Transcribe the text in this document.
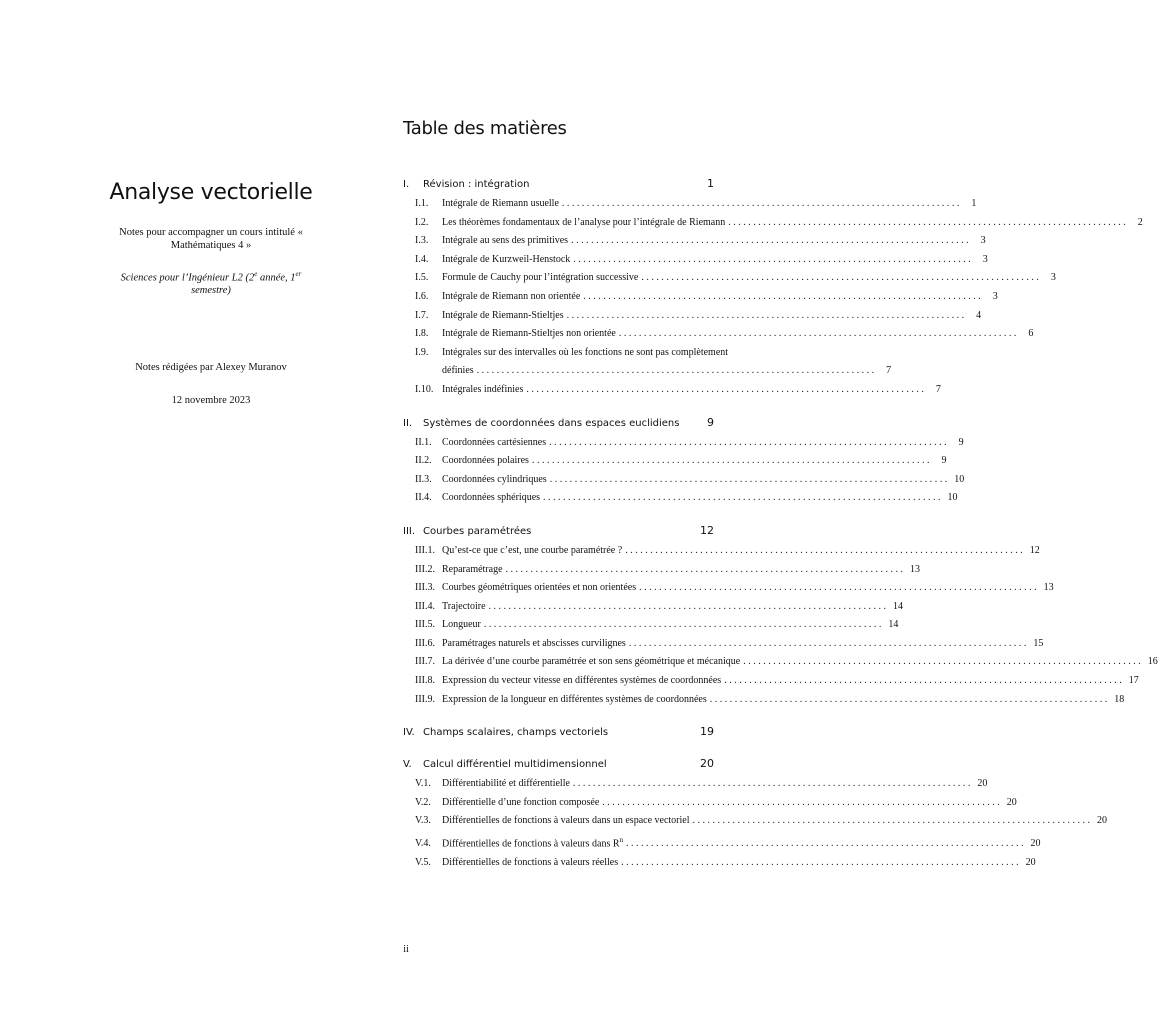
Analyse vectorielle

Notes pour accompagner un cours intitulé « Mathématiques 4 »

Sciences pour l’Ingénieur L2 (2e année, 1er semestre)

Notes rédigées par Alexey Muranov

12 novembre 2023

Table des matières
I.	Révision : intégration	1
I.1.	Intégrale de Riemann usuelle . . .	1
I.2.	Les théorèmes fondamentaux de l’analyse pour l’intégrale de Riemann . . .	2
I.3.	Intégrale au sens des primitives . . .	3
I.4.	Intégrale de Kurzweil-Henstock . . .	3
I.5.	Formule de Cauchy pour l’intégration successive . . .	3
I.6.	Intégrale de Riemann non orientée . . .	3
I.7.	Intégrale de Riemann-Stieltjes . . .	4
I.8.	Intégrale de Riemann-Stieltjes non orientée . . .	6
I.9.	Intégrales sur des intervalles où les fonctions ne sont pas complètement
définies . . .	7
I.10. Intégrales indéfinies . . .	7
II.	Systèmes de coordonnées dans espaces euclidiens	9
II.1.	Coordonnées cartésiennes . . .	9
II.2.	Coordonnées polaires . . .	9
II.3.	Coordonnées cylindriques . . .	10
II.4.	Coordonnées sphériques . . .	10
III. Courbes paramétrées	12
III.1. Qu’est-ce que c’est, une courbe paramétrée ? . . .	12
III.2. Reparamétrage . . .	13
III.3. Courbes géométriques orientées et non orientées . . .	13
III.4. Trajectoire . . .	14
III.5. Longueur . . .	14
III.6. Paramétrages naturels et abscisses curvilignes . . .	15
III.7. La dérivée d’une courbe paramétrée et son sens géométrique et mécanique . . .	16
III.8. Expression du vecteur vitesse en différentes systèmes de coordonnées . . .	17
III.9. Expression de la longueur en différentes systèmes de coordonnées . . .	18
IV. Champs scalaires, champs vectoriels	19
V.	Calcul différentiel multidimensionnel	20
V.1.	Différentiabilité et différentielle . . .	20
V.2.	Différentielle d’une fonction composée . . .	20
V.3.	Différentielles de fonctions à valeurs dans un espace vectoriel . . .	20
V.4.	Différentielles de fonctions à valeurs dans $R^n$ . . .	20
V.5.	Différentielles de fonctions à valeurs réelles . . .	20
ii
